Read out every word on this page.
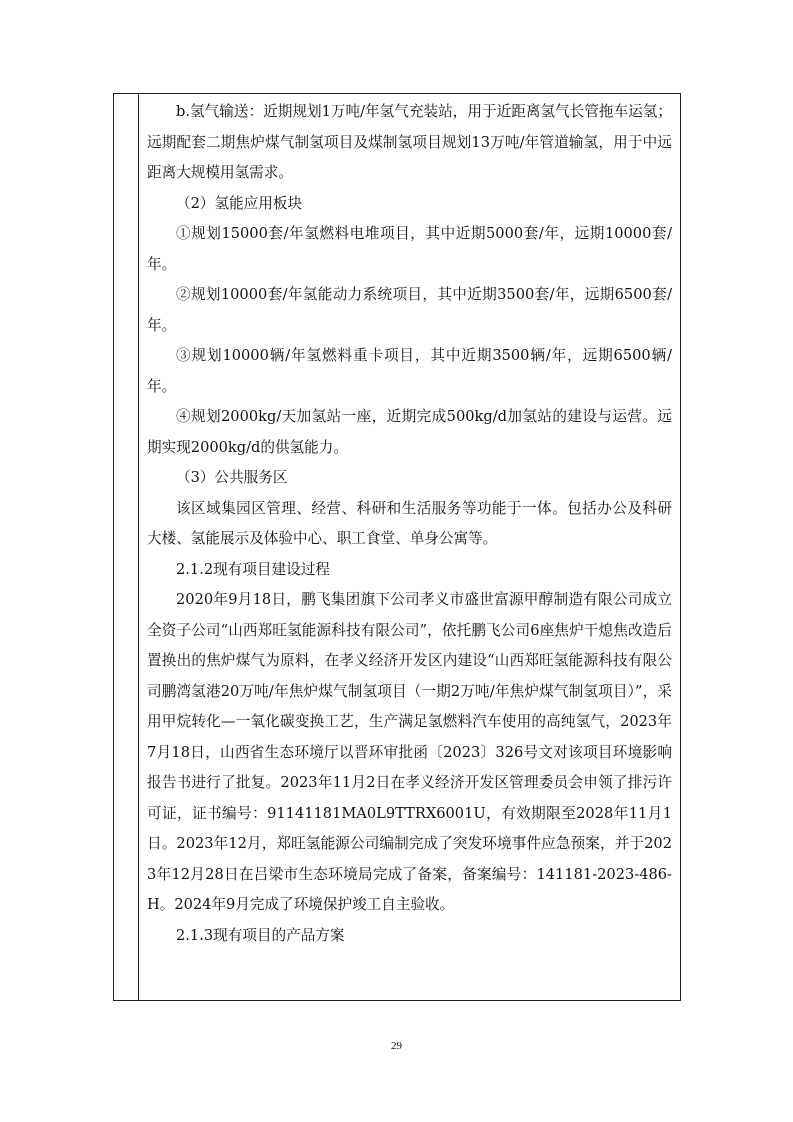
b.氢气输送：近期规划1万吨/年氢气充装站，用于近距离氢气长管拖车运氢；远期配套二期焦炉煤气制氢项目及煤制氢项目规划13万吨/年管道输氢，用于中远距离大规模用氢需求。

（2）氢能应用板块

①规划15000套/年氢燃料电堆项目，其中近期5000套/年，远期10000套/年。

②规划10000套/年氢能动力系统项目，其中近期3500套/年，远期6500套/年。

③规划10000辆/年氢燃料重卡项目，其中近期3500辆/年，远期6500辆/年。

④规划2000kg/天加氢站一座，近期完成500kg/d加氢站的建设与运营。远期实现2000kg/d的供氢能力。

（3）公共服务区

该区域集园区管理、经营、科研和生活服务等功能于一体。包括办公及科研大楼、氢能展示及体验中心、职工食堂、单身公寓等。

2.1.2现有项目建设过程

2020年9月18日，鹏飞集团旗下公司孝义市盛世富源甲醇制造有限公司成立全资子公司“山西郑旺氢能源科技有限公司”，依托鹏飞公司6座焦炉干熄焦改造后置换出的焦炉煤气为原料，在孝义经济开发区内建设“山西郑旺氢能源科技有限公司鹏湾氢港20万吨/年焦炉煤气制氢项目（一期2万吨/年焦炉煤气制氢项目）”，采用甲烷转化—一氧化碳变换工艺，生产满足氢燃料汽车使用的高纯氢气，2023年7月18日，山西省生态环境厅以晋环审批函〔2023〕326号文对该项目环境影响报告书进行了批复。2023年11月2日在孝义经济开发区管理委员会申领了排污许可证，证书编号：91141181MA0L9TTRX6001U，有效期限至2028年11月1日。2023年12月，郑旺氢能源公司编制完成了突发环境事件应急预案，并于2023年12月28日在吕梁市生态环境局完成了备案，备案编号：141181-2023-486-H。2024年9月完成了环境保护竣工自主验收。

2.1.3现有项目的产品方案

29
